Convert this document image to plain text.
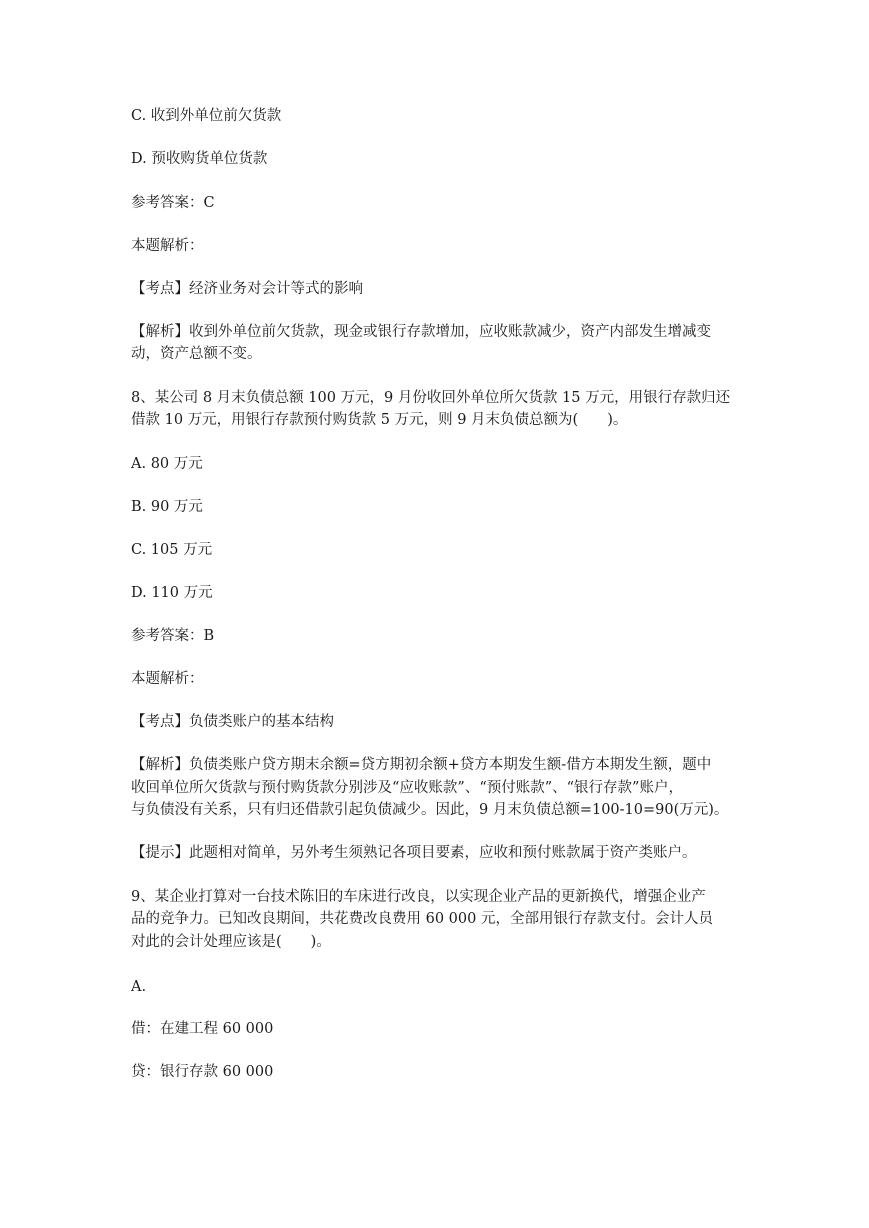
C. 收到外单位前欠货款
D. 预收购货单位货款
参考答案：C
本题解析：
【考点】经济业务对会计等式的影响
【解析】收到外单位前欠货款，现金或银行存款增加，应收账款减少，资产内部发生增减变
动，资产总额不变。
8、某公司 8 月末负债总额 100 万元，9 月份收回外单位所欠货款 15 万元，用银行存款归还
借款 10 万元，用银行存款预付购货款 5 万元，则 9 月末负债总额为(　　)。
A. 80 万元
B. 90 万元
C. 105 万元
D. 110 万元
参考答案：B
本题解析：
【考点】负债类账户的基本结构
【解析】负债类账户贷方期末余额=贷方期初余额+贷方本期发生额-借方本期发生额，题中
收回单位所欠货款与预付购货款分别涉及“应收账款”、“预付账款”、“银行存款”账户，
与负债没有关系，只有归还借款引起负债减少。因此，9 月末负债总额=100-10=90(万元)。
【提示】此题相对简单，另外考生须熟记各项目要素，应收和预付账款属于资产类账户。
9、某企业打算对一台技术陈旧的车床进行改良，以实现企业产品的更新换代，增强企业产
品的竞争力。已知改良期间，共花费改良费用 60 000 元，全部用银行存款支付。会计人员
对此的会计处理应该是(　　)。
A.
借：在建工程 60 000
贷：银行存款 60 000
